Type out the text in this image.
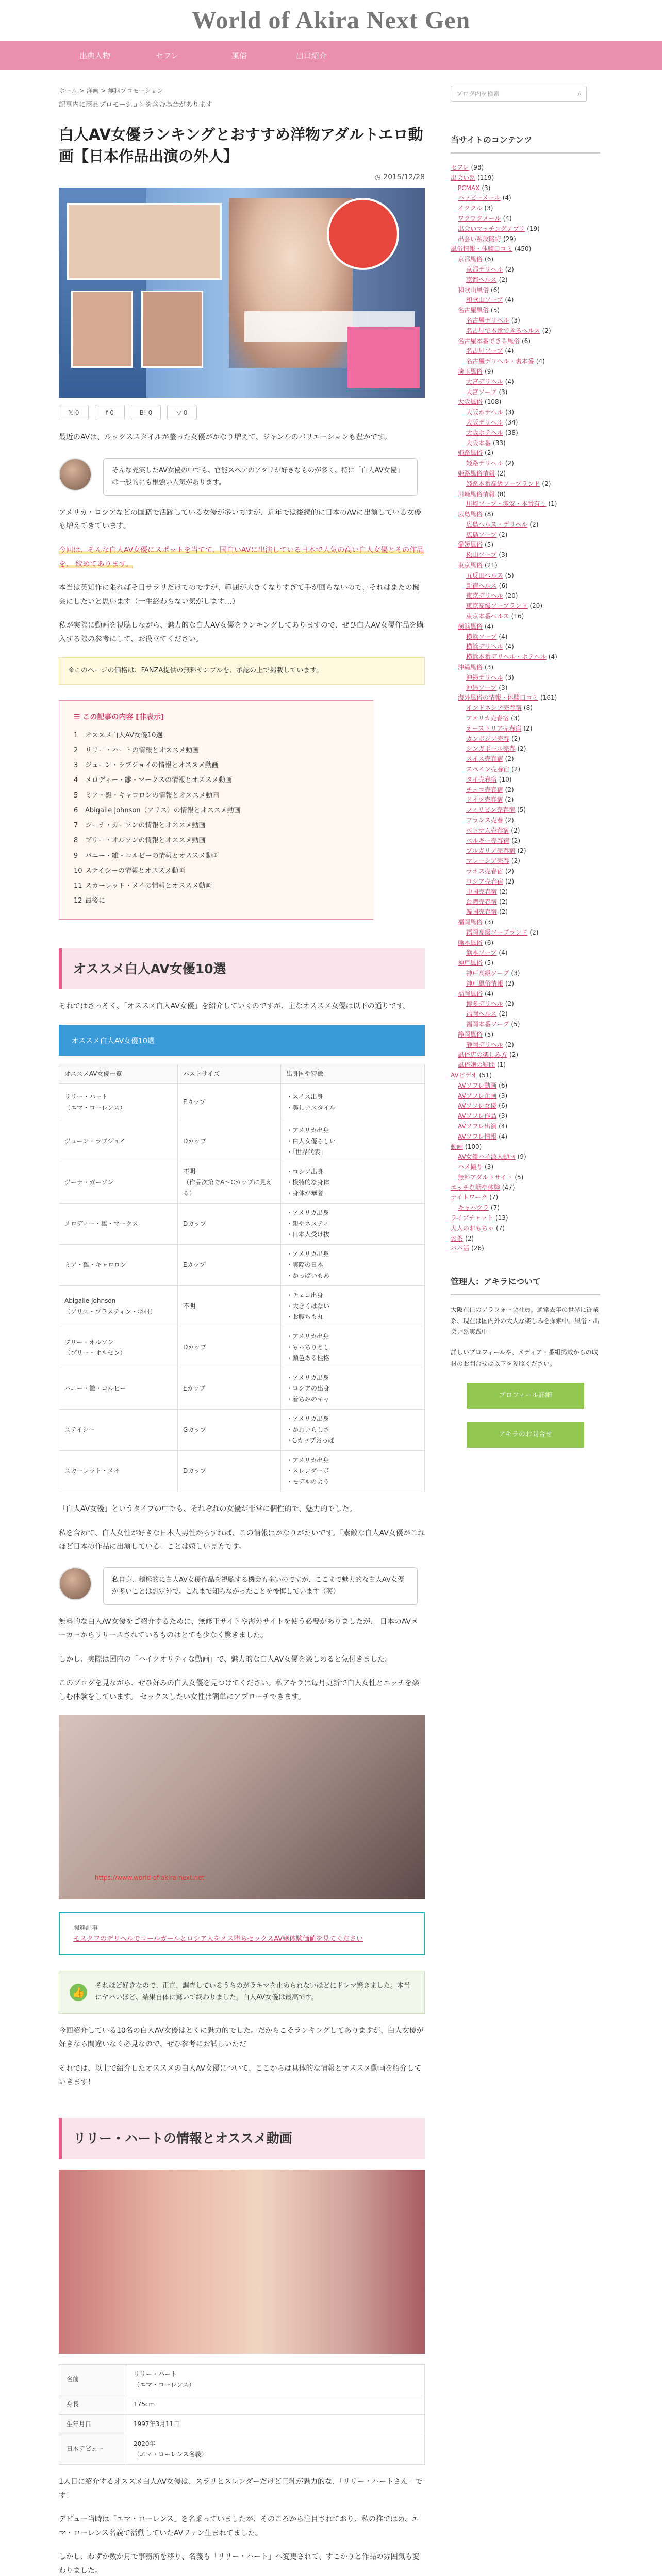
World of Akira Next Gen
出典人物	セフレ	風俗	出口紹介
ホーム > 洋画 > 無料プロモーション
記事内に商品プロモーションを含む場合があります
白人AV女優ランキングとおすすめ洋物アダルトエロ動画【日本作品出演の外人】
◷ 2015/12/28
𝕏 0	f 0	B! 0	▽ 0

最近のAVは、ルックススタイルが整った女優がかなり増えて、ジャンルのバリエーションも豊かです。

そんな充実したAV女優の中でも、官能スペアのアタリが好きなものが多く、特に「白人AV女優」は一般的にも根強い人気があります。

アメリカ・ロシアなどの国籍で活躍している女優が多いですが、近年では後続的に日本のAVに出演している女優も増えてきています。

今回は、そんな白人AV女優にスポットを当てて、国白いAVに出演している日本で人気の高い白人女優とその作品を、 絞めてあります。

本当は英知作に限ればそ日サラリだけでのですが、範囲が大きくなりすぎて手が回らないので、それはまたの機会にしたいと思います（一生終わらない気がします…）

私が実際に動画を視聴しながら、魅力的な白人AV女優をランキングしてありますので、ぜひ白人AV女優作品を購入する際の参考にして、お役立てください。

※このページの価格は、FANZA提供の無料サンプルを、承認の上で掲載しています。
☰ この記事の内容 [非表示]
1 オススメ白人AV女優10選
2 リリー・ハートの情報とオススメ動画
3 ジューン・ラブジョイの情報とオススメ動画
4 メロディー・雛・マークスの情報とオススメ動画
5 ミア・雛・キャロロンの情報とオススメ動画
6 Abigaile Johnson（アリス）の情報とオススメ動画
7 ジーナ・ガーソンの情報とオススメ動画
8 ブリー・オルソンの情報とオススメ動画
9 バニー・雛・コルビーの情報とオススメ動画
10 ステイシーの情報とオススメ動画
11 スカーレット・メイの情報とオススメ動画
12 最後に
オススメ白人AV女優10選

それではさっそく、「オススメ白人AV女優」を紹介していくのですが、主なオススメ女優は以下の通りです。

オススメ白人AV女優10選
オススメAV女優一覧	バストサイズ	出身国や特徴
リリー・ハート
（エマ・ローレンス）	Eカップ	・スイス出身
・美しいスタイル
ジューン・ラブジョイ	Dカップ	・アメリカ出身
・白人女優らしい
・「世界代表」
ジーナ・ガーソン	不明
（作品次第でA〜Cカップに見える）	・ロシア出身
・模特的な身体
・身体が華奢
メロディー・雛・マークス	Dカップ	・アメリカ出身
・親やネスティ
・日本人受け抜
ミア・雛・キャロロン	Eカップ	・アメリカ出身
・実際の日本
・かっぱいもあ
Abigaile Johnson
（アリス・ブラスティン・羽村）	不明	・チェコ出身
・大きくはない
・お腹ちも丸
ブリー・オルソン
（ブリー・オルゼン）	Dカップ	・アメリカ出身
・もっちりとし
・顔色ある性格
バニー・雛・コルビー	Eカップ	・アメリカ出身
・ロシアの出身
・着ちみのキャ
ステイシー	Gカップ	・アメリカ出身
・かわいらしさ
・Gカップおっぱ
スカーレット・メイ	Dカップ	・アメリカ出身
・スレンダーボ
・モデルのよう

「白人AV女優」というタイプの中でも、それぞれの女優が非常に個性的で、魅力的でした。

私を含めて、白人女性が好きな日本人男性からすれば、この情報はかなりがたいです。「素敵な白人AV女優がこれほど日本の作品に出演している」ことは嬉しい見方です。

私自身、積極的に白人AV女優作品を視聴する機会も多いのですが、ここまで魅力的な白人AV女優が多いことは想定外で、これまで知らなかったことを後悔しています（笑）

無料的な白人AV女優をご紹介するために、無修正サイトや海外サイトを使う必要がありましたが、 日本のAVメーカーからリリースされているものはとても少なく驚きました。

しかし、実際は国内の「ハイクオリティな動画」で、魅力的な白人AV女優を楽しめると気付きました。

このブログを見ながら、ぜひ好みの白人女優を見つけてください。私アキラは毎月更新で白人女性とエッチを楽しむ体験をしています。 セックスしたい女性は簡単にアプローチできます。

https://www.world-of-akira-next.net
関連記事
モスクワのデリヘルでコールガールとロシア人をメス堕ちセックスAV嬢体験価値を見てください
👍
それほど好きなので、正直、調査しているうちのがラキマを止められないほどにドンマ驚きました。本当にヤバいほど、結果自体に驚いて終わりました。白人AV女優は最高です。

今回紹介している10名の白人AV女優はとくに魅力的でした。だからこそランキングしてありますが、白人女優が好きなら間違いなく必見なので、ぜひ参考にお試しいただ

それでは、以上で紹介したオススメの白人AV女優について、ここからは具体的な情報とオススメ動画を紹介していきます！

リリー・ハートの情報とオススメ動画
名前	リリー・ハート
（エマ・ローレンス）
身長	175cm
生年月日	1997年3月11日
日本デビュー	2020年
（エマ・ローレンス名義）

1人目に紹介するオススメ白人AV女優は、スラリとスレンダーだけど巨乳が魅力的な、「リリー・ハートさん」です！

デビュー当時は「エマ・ローレンス」を名乗っていましたが、そのころから注目されており、私の推ではめ、エマ・ローレンス名義で活動していたAVファン生まれてました。

しかし、わずか数か月で事務所を移り、名義も「リリー・ハート」へ変更されて、すこかりと作品の雰囲気も変わりました。

ブログ内を検索	⌕
当サイトのコンテンツ
セフレ (98)
出会い系 (119)
PCMAX (3)
ハッピーメール (4)
イククル (3)
ワクワクメール (4)
出会いマッチングアプリ (19)
出会い系攻略術 (29)
風俗情報・体験口コミ (450)
京都風俗 (6)
京都デリヘル (2)
京都ヘルス (2)
和歌山風俗 (6)
和歌山ソープ (4)
名古屋風俗 (5)
名古屋デリヘル (3)
名古屋で本番できるヘルス (2)
名古屋本番できる風俗 (6)
名古屋ソープ (4)
名古屋デリヘル・裏本番 (4)
埼玉風俗 (9)
大宮デリヘル (4)
大宮ソープ (3)
大阪風俗 (108)
大阪ホテヘル (3)
大阪デリヘル (34)
大阪ホテヘル (38)
大阪本番 (33)
姫路風俗 (2)
姫路デリヘル (2)
姫路風俗情報 (2)
姫路本番高級ソープランド (2)
川崎風俗情報 (8)
川崎ソープ・激安・本番有り (1)
広島風俗 (8)
広島ヘルス・デリヘル (2)
広島ソープ (2)
愛媛風俗 (5)
松山ソープ (3)
東京風俗 (21)
五反田ヘルス (5)
新宿ヘルス (6)
東京デリヘル (20)
東京高級ソープランド (20)
東京本番ヘルス (16)
横浜風俗 (4)
横浜ソープ (4)
横浜デリヘル (4)
横浜本番デリヘル・ホテヘル (4)
沖縄風俗 (3)
沖縄デリヘル (3)
沖縄ソープ (3)
海外風俗の情報・体験口コミ (161)
インドネシア売春宿 (8)
アメリカ売春宿 (3)
オーストリア売春宿 (2)
カンボジア売春 (2)
シンガポール売春 (2)
スイス売春宿 (2)
スペイン売春宿 (2)
タイ売春宿 (10)
チェコ売春宿 (2)
ドイツ売春宿 (2)
フィリピン売春宿 (5)
フランス売春 (2)
ベトナム売春宿 (2)
ベルギー売春宿 (2)
ブルガリア売春宿 (2)
マレーシア売春 (2)
ラオス売春宿 (2)
ロシア売春宿 (2)
中国売春宿 (2)
台湾売春宿 (2)
韓国売春宿 (2)
福岡風俗 (3)
福岡高級ソープランド (2)
熊本風俗 (6)
熊本ソープ (4)
神戸風俗 (5)
神戸高級ソープ (3)
神戸風俗情報 (2)
福岡風俗 (4)
博多デリヘル (2)
福岡ヘルス (2)
福岡本番ソープ (5)
静岡風俗 (5)
静岡デリヘル (2)
風俗店の楽しみ方 (2)
風俗嬢の疑問 (1)
AVビデオ (51)
AVソフレ動画 (6)
AVソフレ企画 (3)
AVソフレ女優 (6)
AVソフレ作品 (3)
AVソフレ出演 (4)
AVソフレ情報 (4)
動画 (100)
AV女優ハイ波人動画 (9)
ハメ撮り (3)
無料アダルトサイト (5)
エッチな話や体験 (47)
ナイトワーク (7)
キャバクラ (7)
ライブチャット (13)
大人のおもちゃ (7)
お茶 (2)
パパ活 (26)
管理人：アキラについて
大阪在住のアラフォー会社員。通常去年の世界に従業系、現在は国内外の大人な楽しみを探索中。風俗・出会い系実践中
詳しいプロフィールや、メディア・番組掲載からの取材のお問合せは以下を参照ください。
プロフィール詳細
アキラのお問合せ
